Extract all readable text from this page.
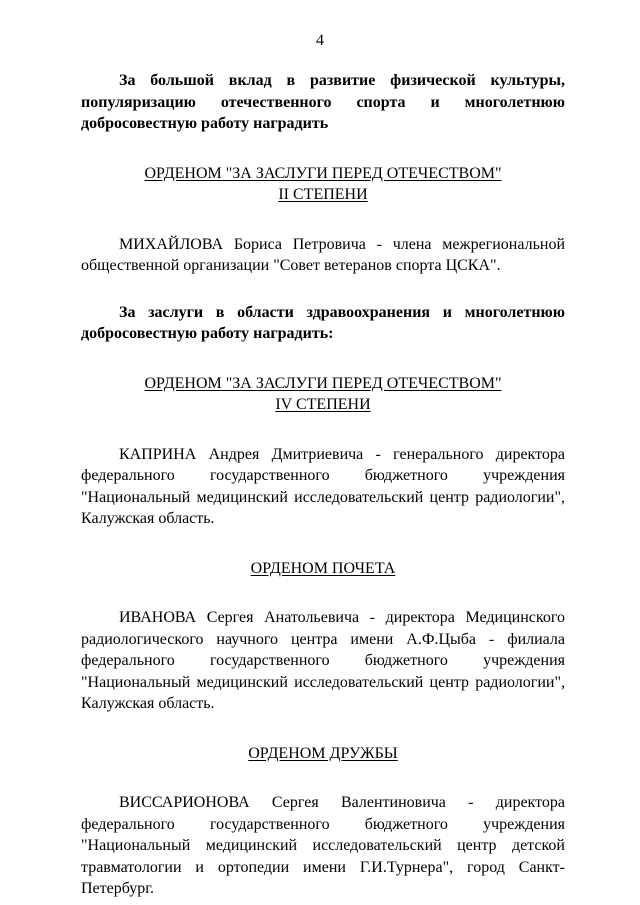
4

За большой вклад в развитие физической культуры, популяризацию отечественного спорта и многолетнюю добросовестную работу наградить

ОРДЕНОМ "ЗА ЗАСЛУГИ ПЕРЕД ОТЕЧЕСТВОМ"

II СТЕПЕНИ

МИХАЙЛОВА Бориса Петровича - члена межрегиональной общественной организации "Совет ветеранов спорта ЦСКА".

За заслуги в области здравоохранения и многолетнюю добросовестную работу наградить:

ОРДЕНОМ "ЗА ЗАСЛУГИ ПЕРЕД ОТЕЧЕСТВОМ"

IV СТЕПЕНИ

КАПРИНА Андрея Дмитриевича - генерального директора федерального государственного бюджетного учреждения "Национальный медицинский исследовательский центр радиологии", Калужская область.

ОРДЕНОМ ПОЧЕТА

ИВАНОВА Сергея Анатольевича - директора Медицинского радиологического научного центра имени А.Ф.Цыба - филиала федерального государственного бюджетного учреждения "Национальный медицинский исследовательский центр радиологии", Калужская область.

ОРДЕНОМ ДРУЖБЫ

ВИССАРИОНОВА Сергея Валентиновича - директора федерального государственного бюджетного учреждения "Национальный медицинский исследовательский центр детской травматологии и ортопедии имени Г.И.Турнера", город Санкт-Петербург.
